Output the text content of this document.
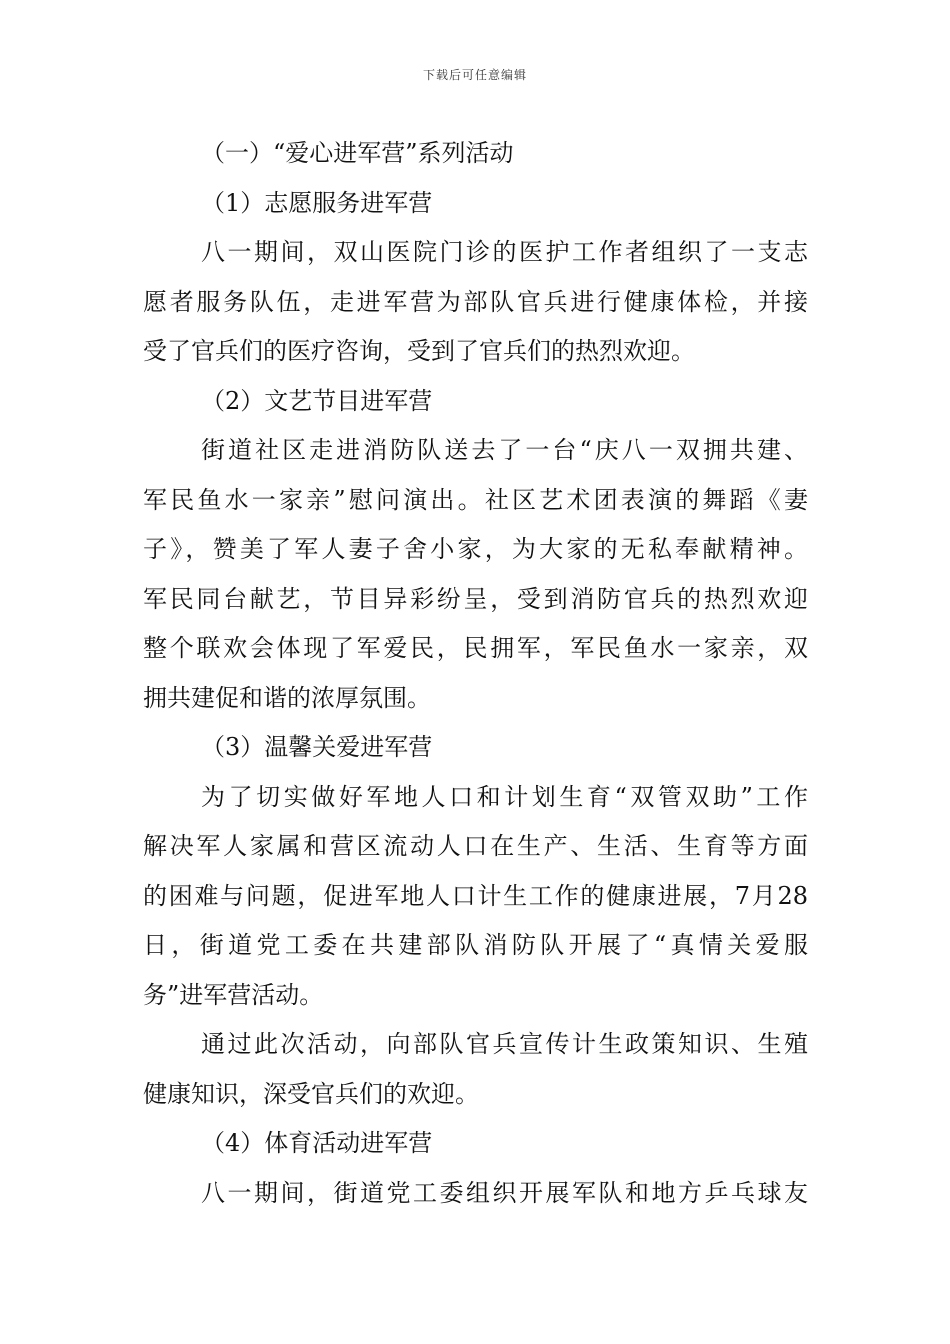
下载后可任意编辑
（一）“爱心进军营”系列活动
（1）志愿服务进军营
八一期间，双山医院门诊的医护工作者组织了一支志
愿者服务队伍，走进军营为部队官兵进行健康体检，并接
受了官兵们的医疗咨询，受到了官兵们的热烈欢迎。
（2）文艺节目进军营
街道社区走进消防队送去了一台“庆八一双拥共建、
军民鱼水一家亲”慰问演出。社区艺术团表演的舞蹈《妻
子》，赞美了军人妻子舍小家，为大家的无私奉献精神。
军民同台献艺，节目异彩纷呈，受到消防官兵的热烈欢迎
整个联欢会体现了军爱民，民拥军，军民鱼水一家亲，双
拥共建促和谐的浓厚氛围。
（3）温馨关爱进军营
为了切实做好军地人口和计划生育“双管双助”工作
解决军人家属和营区流动人口在生产、生活、生育等方面
的困难与问题，促进军地人口计生工作的健康进展，7月28
日，街道党工委在共建部队消防队开展了“真情关爱服
务”进军营活动。
通过此次活动，向部队官兵宣传计生政策知识、生殖
健康知识，深受官兵们的欢迎。
（4）体育活动进军营
八一期间，街道党工委组织开展军队和地方乒乓球友
